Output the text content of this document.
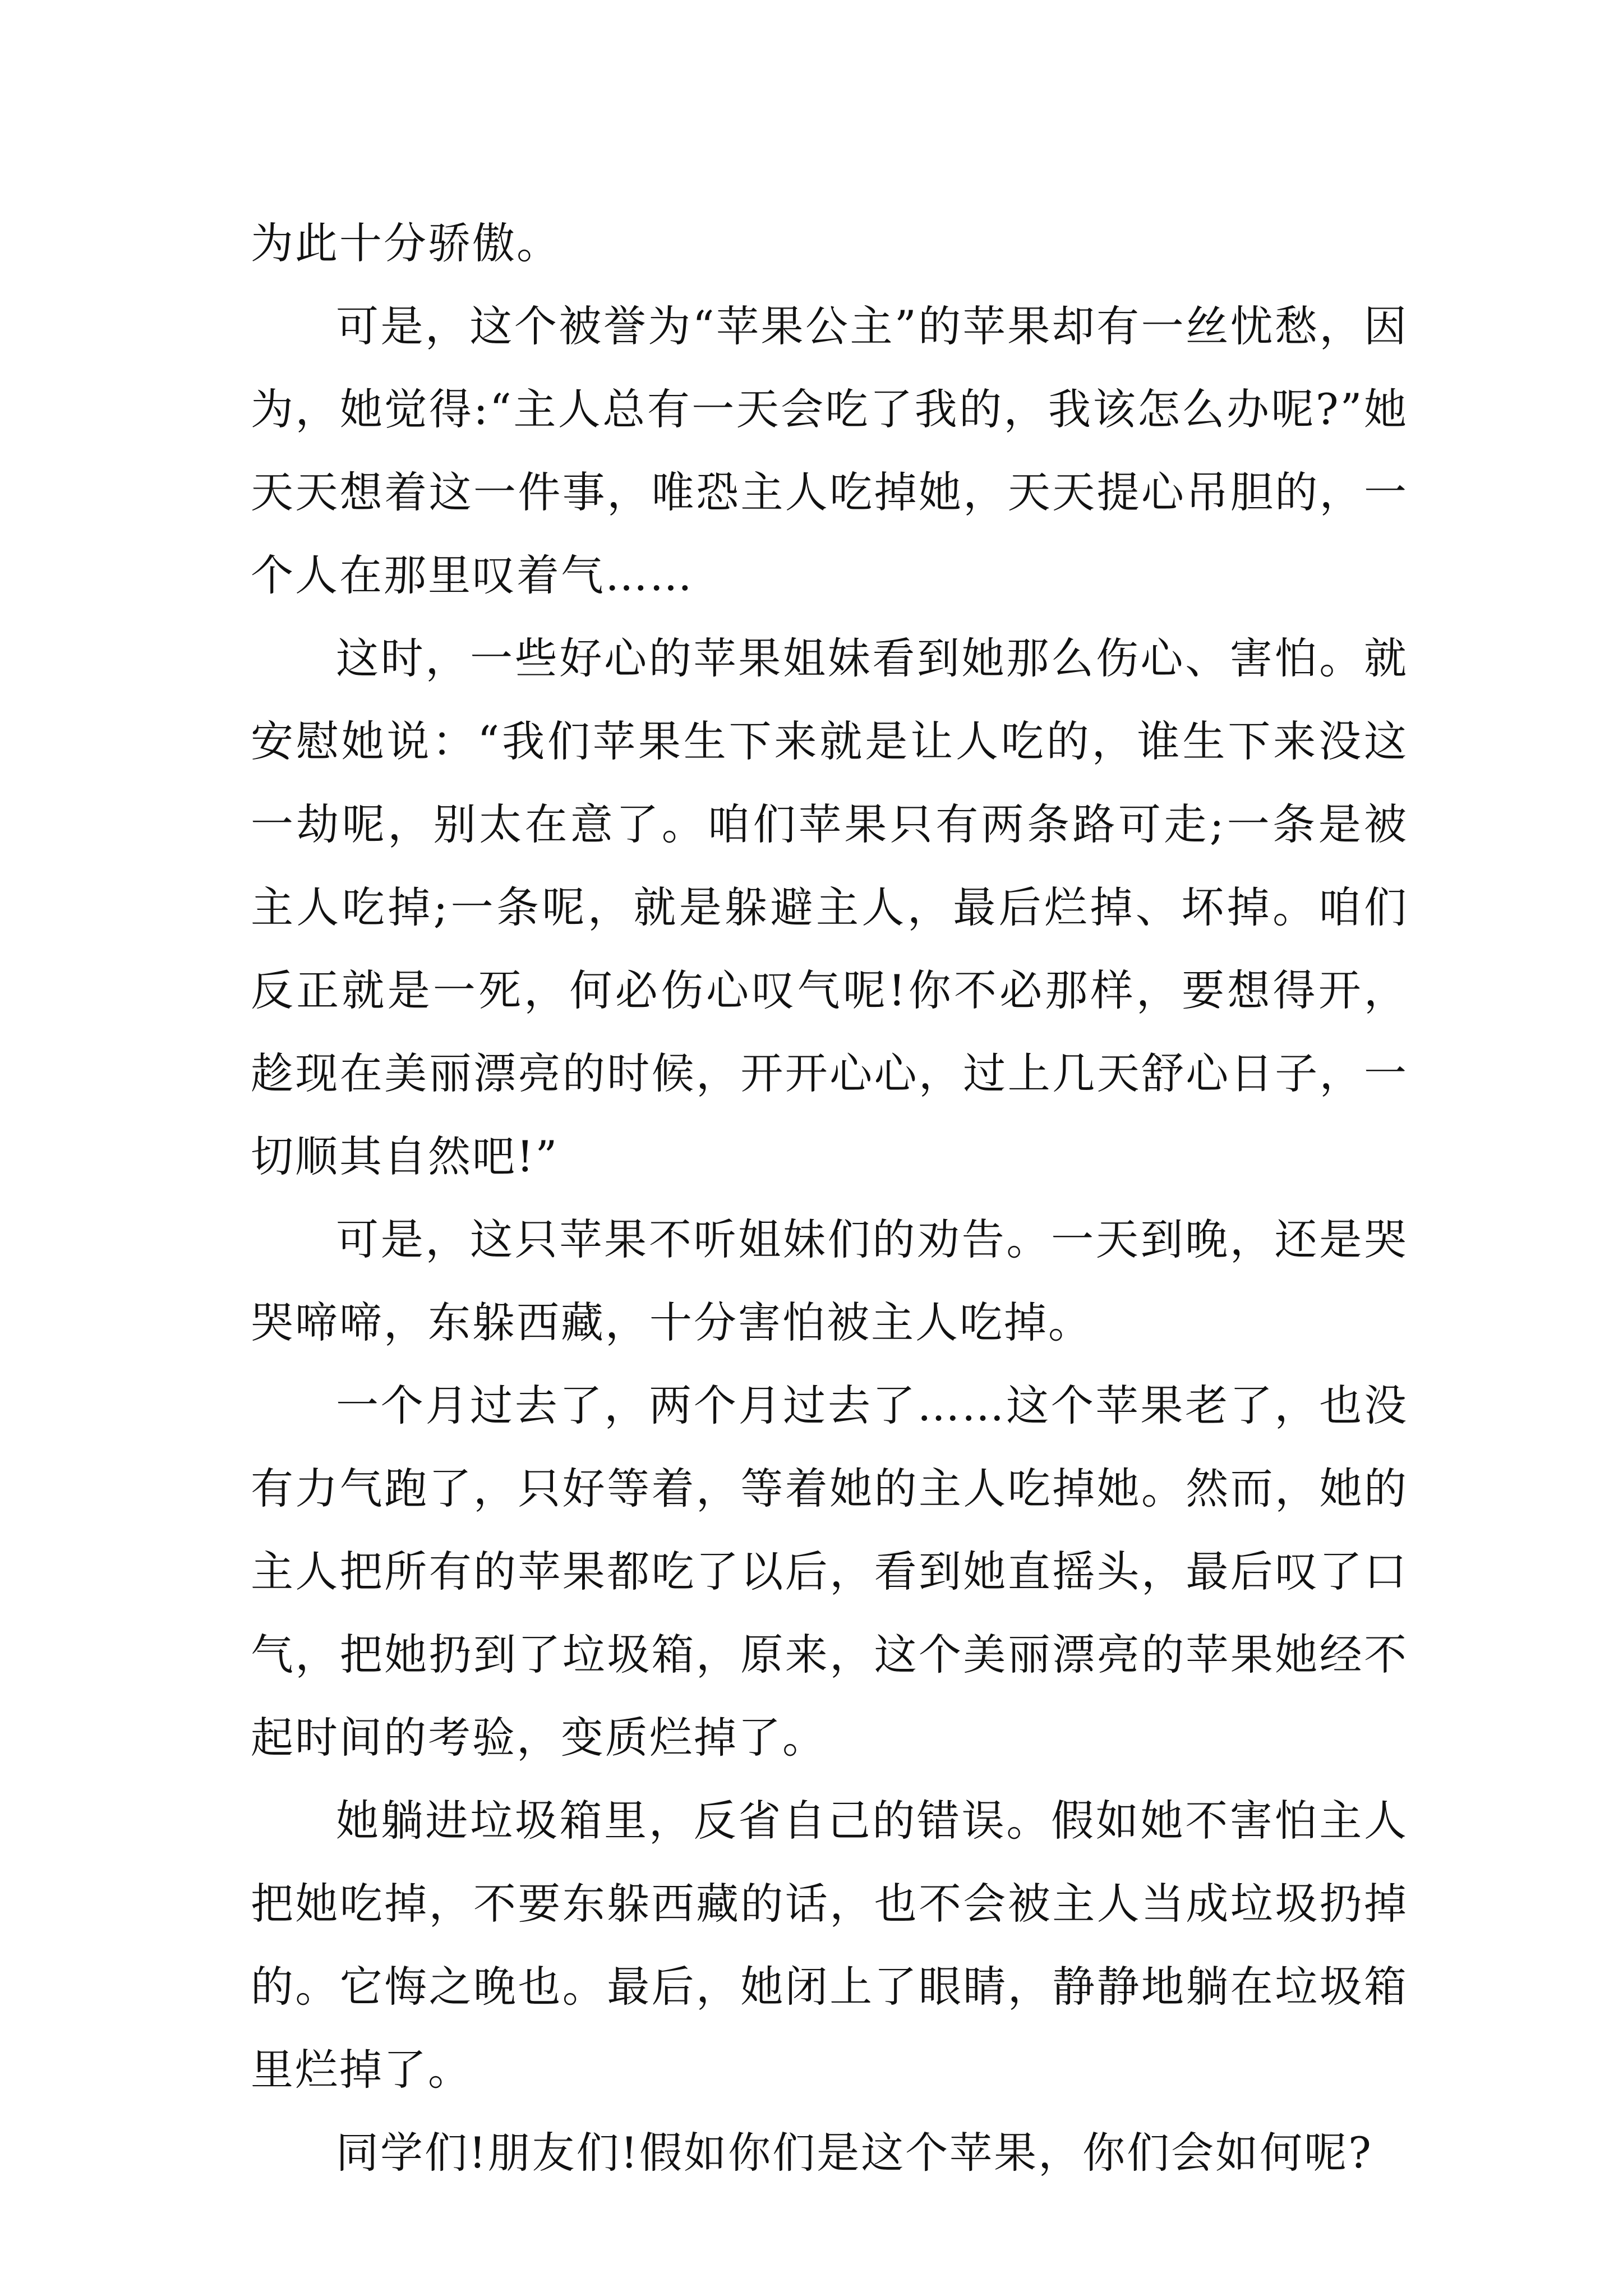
为此十分骄傲。

可是，这个被誉为“苹果公主”的苹果却有一丝忧愁，因为，她觉得:“主人总有一天会吃了我的，我该怎么办呢?”她天天想着这一件事，唯恐主人吃掉她，天天提心吊胆的，一个人在那里叹着气……

这时，一些好心的苹果姐妹看到她那么伤心、害怕。就安慰她说：“我们苹果生下来就是让人吃的，谁生下来没这一劫呢，别太在意了。咱们苹果只有两条路可走;一条是被主人吃掉;一条呢，就是躲避主人，最后烂掉、坏掉。咱们反正就是一死，何必伤心叹气呢!你不必那样，要想得开，趁现在美丽漂亮的时候，开开心心，过上几天舒心日子，一切顺其自然吧!”

可是，这只苹果不听姐妹们的劝告。一天到晚，还是哭哭啼啼，东躲西藏，十分害怕被主人吃掉。

一个月过去了，两个月过去了……这个苹果老了，也没有力气跑了，只好等着，等着她的主人吃掉她。然而，她的主人把所有的苹果都吃了以后，看到她直摇头，最后叹了口气，把她扔到了垃圾箱，原来，这个美丽漂亮的苹果她经不起时间的考验，变质烂掉了。

她躺进垃圾箱里，反省自己的错误。假如她不害怕主人把她吃掉，不要东躲西藏的话，也不会被主人当成垃圾扔掉的。它悔之晚也。最后，她闭上了眼睛，静静地躺在垃圾箱里烂掉了。

同学们!朋友们!假如你们是这个苹果，你们会如何呢?
